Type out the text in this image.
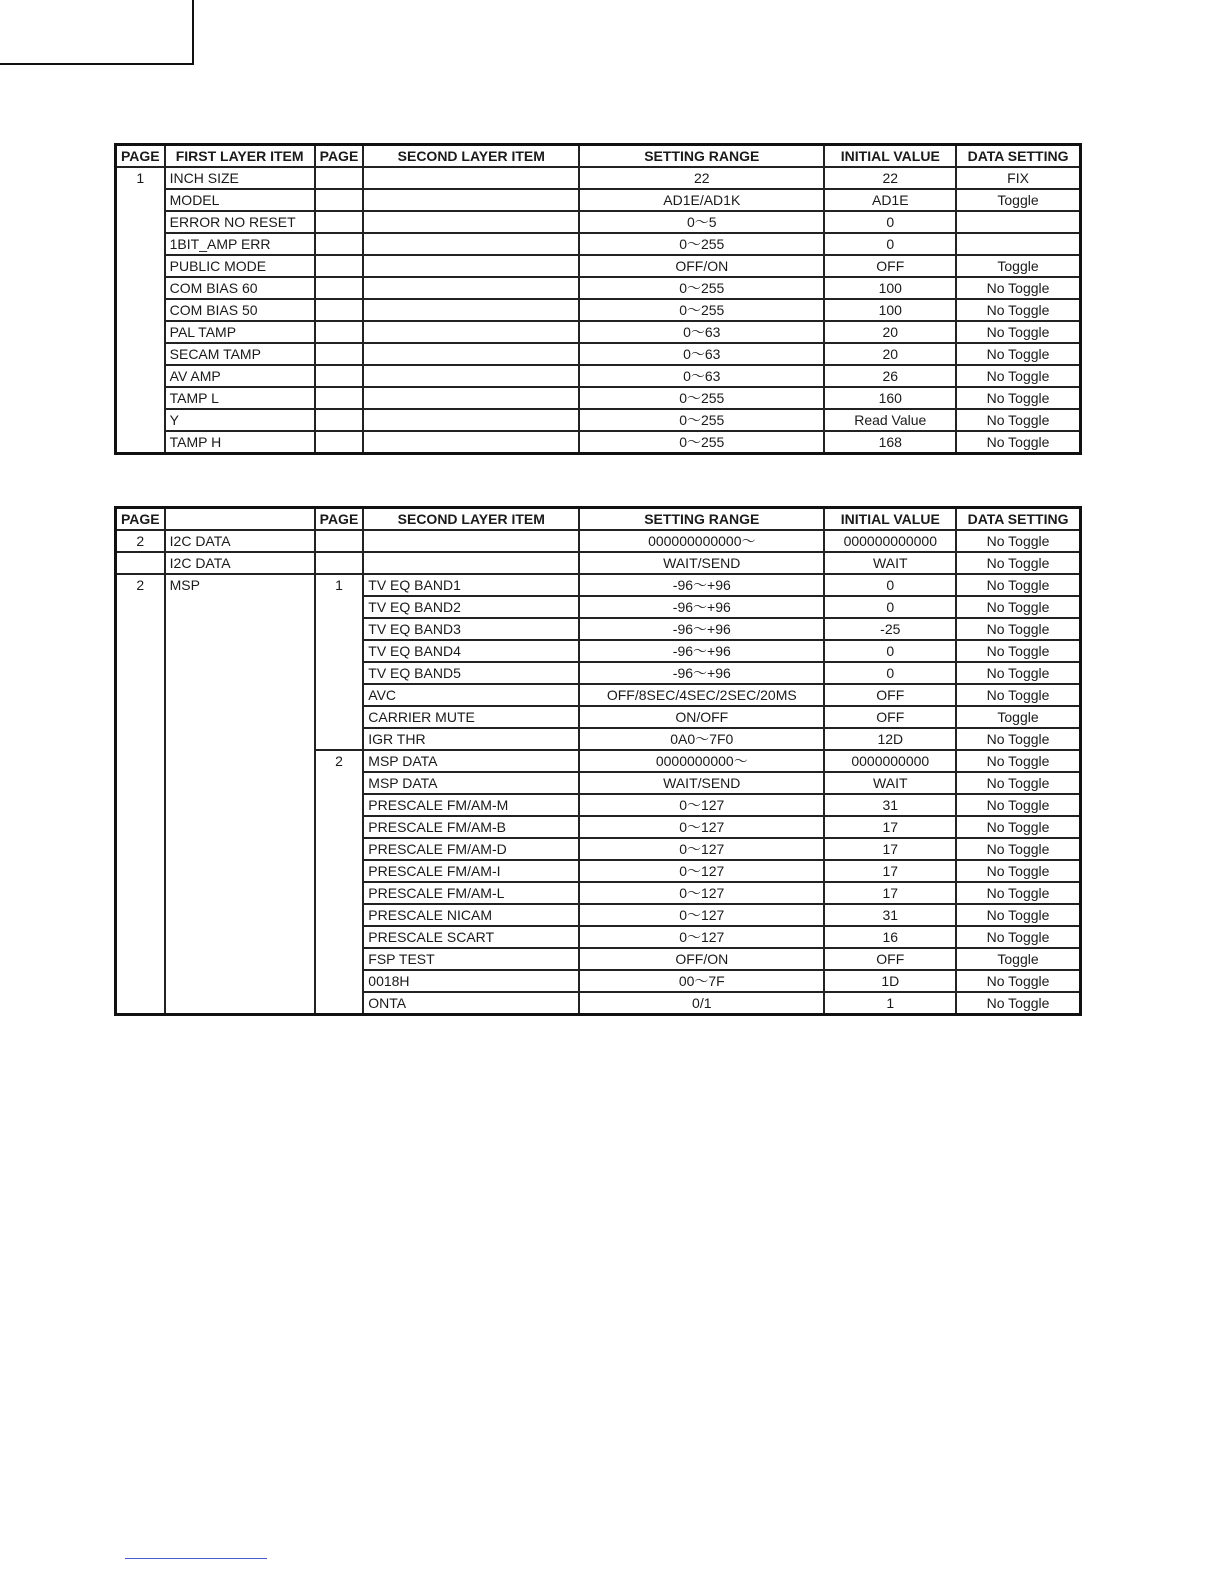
PAGE	FIRST LAYER ITEM	PAGE	SECOND LAYER ITEM	SETTING RANGE	INITIAL VALUE	DATA SETTING
1	INCH SIZE			22	22	FIX
	MODEL			AD1E/AD1K	AD1E	Toggle
	ERROR NO RESET			0～5	0	
	1BIT_AMP ERR			0～255	0	
	PUBLIC MODE			OFF/ON	OFF	Toggle
	COM BIAS 60			0～255	100	No Toggle
	COM BIAS 50			0～255	100	No Toggle
	PAL TAMP			0～63	20	No Toggle
	SECAM TAMP			0～63	20	No Toggle
	AV AMP			0～63	26	No Toggle
	TAMP L			0～255	160	No Toggle
	Y			0～255	Read Value	No Toggle
	TAMP H			0～255	168	No Toggle
PAGE		PAGE	SECOND LAYER ITEM	SETTING RANGE	INITIAL VALUE	DATA SETTING
2	I2C DATA			000000000000～	000000000000	No Toggle
	I2C DATA			WAIT/SEND	WAIT	No Toggle
2	MSP	1	TV EQ BAND1	-96～+96	0	No Toggle
			TV EQ BAND2	-96～+96	0	No Toggle
			TV EQ BAND3	-96～+96	-25	No Toggle
			TV EQ BAND4	-96～+96	0	No Toggle
			TV EQ BAND5	-96～+96	0	No Toggle
			AVC	OFF/8SEC/4SEC/2SEC/20MS	OFF	No Toggle
			CARRIER MUTE	ON/OFF	OFF	Toggle
			IGR THR	0A0～7F0	12D	No Toggle
		2	MSP DATA	0000000000～	0000000000	No Toggle
			MSP DATA	WAIT/SEND	WAIT	No Toggle
			PRESCALE FM/AM-M	0～127	31	No Toggle
			PRESCALE FM/AM-B	0～127	17	No Toggle
			PRESCALE FM/AM-D	0～127	17	No Toggle
			PRESCALE FM/AM-I	0～127	17	No Toggle
			PRESCALE FM/AM-L	0～127	17	No Toggle
			PRESCALE NICAM	0～127	31	No Toggle
			PRESCALE SCART	0～127	16	No Toggle
			FSP TEST	OFF/ON	OFF	Toggle
			0018H	00～7F	1D	No Toggle
			ONTA	0/1	1	No Toggle
